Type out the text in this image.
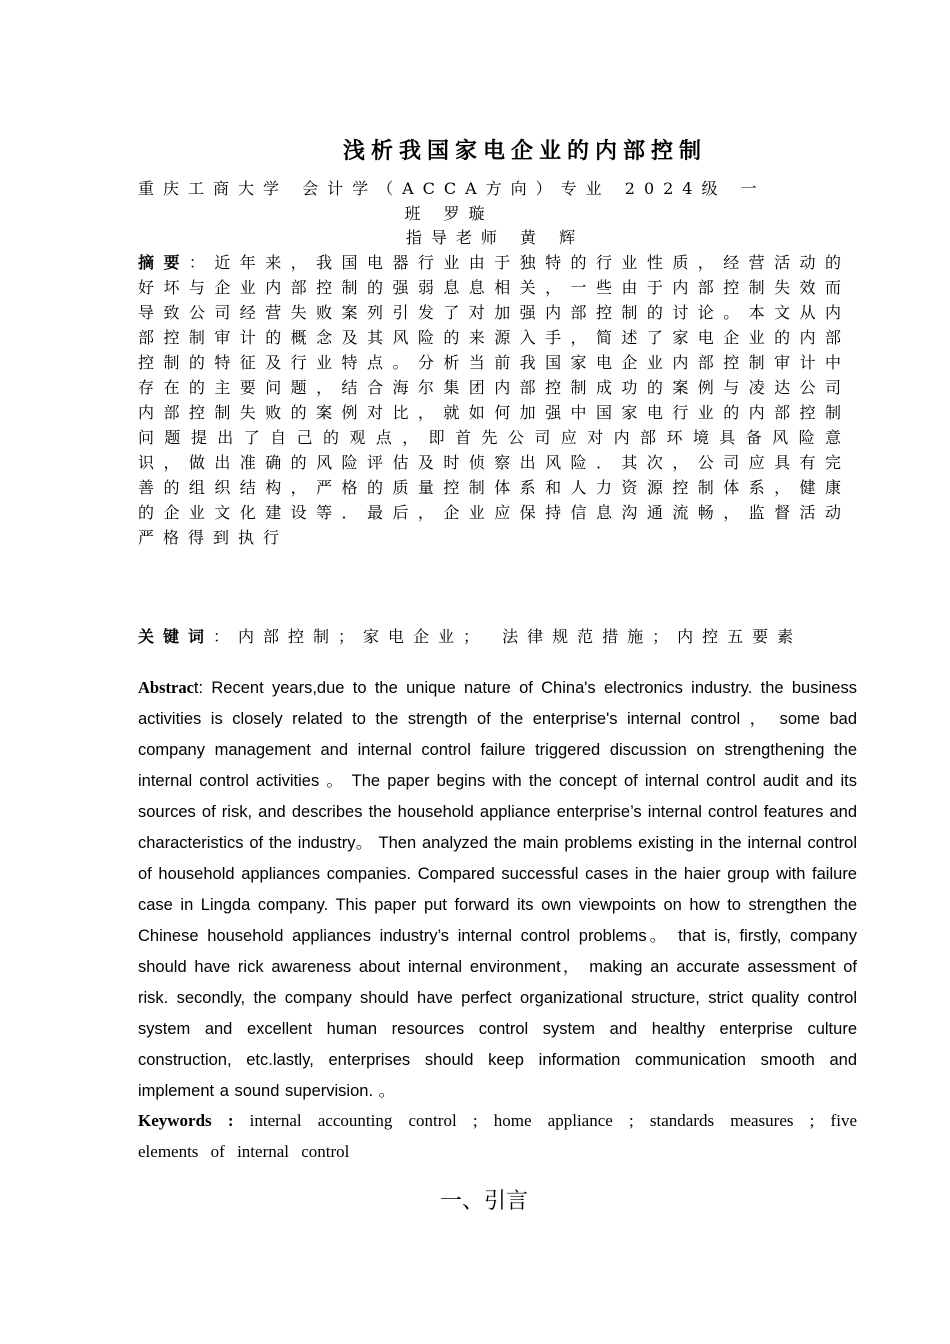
浅析我国家电企业的内部控制
重庆工商大学 会计学（ACCA方向）专业 2024级 一
班 罗璇
指导老师 黄 辉
摘要：近年来，我国电器行业由于独特的行业性质，经营活动的好坏与企业内部控制的强弱息息相关，一些由于内部控制失效而导致公司经营失败案列引发了对加强内部控制的讨论。本文从内部控制审计的概念及其风险的来源入手，简述了家电企业的内部控制的特征及行业特点。分析当前我国家电企业内部控制审计中存在的主要问题，结合海尔集团内部控制成功的案例与凌达公司内部控制失败的案例对比，就如何加强中国家电行业的内部控制问题提出了自己的观点，即首先公司应对内部环境具备风险意识，做出准确的风险评估及时侦察出风险．其次，公司应具有完善的组织结构，严格的质量控制体系和人力资源控制体系，健康的企业文化建设等．最后，企业应保持信息沟通流畅，监督活动严格得到执行
关键词：内部控制；家电企业； 法律规范措施；内控五要素
Abstract: Recent years,due to the unique nature of China's electronics industry. the business activities is closely related to the strength of the enterprise's internal control ， some bad company management and internal control failure triggered discussion on strengthening the internal control activities 。 The paper begins with the concept of internal control audit and its sources of risk, and describes the household appliance enterprise’s internal control features and characteristics of the industry。 Then analyzed the main problems existing in the internal control of household appliances companies. Compared successful cases in the haier group with failure case in Lingda company. This paper put forward its own viewpoints on how to strengthen the Chinese household appliances industry’s internal control problems。 that is, firstly, company should have rick awareness about internal environment， making an accurate assessment of risk. secondly, the company should have perfect organizational structure, strict quality control system and excellent human resources control system and healthy enterprise culture construction, etc.lastly, enterprises should keep information communication smooth and implement a sound supervision. 。
Keywords : internal accounting control ; home appliance ; standards measures ; five elements of internal control
一、引言
